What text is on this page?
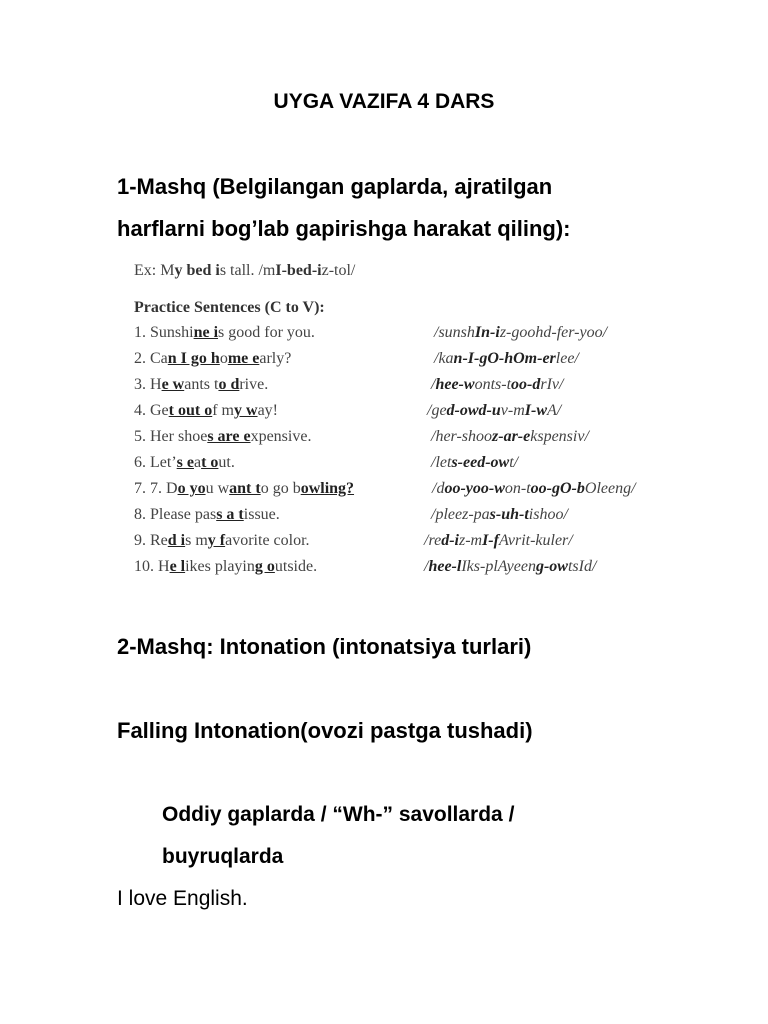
UYGA VAZIFA 4 DARS
1-Mashq (Belgilangan gaplarda, ajratilgan
harflarni bog’lab gapirishga harakat qiling):
Ex: My bed is tall. /mI-bed-iz-tol/
Practice Sentences (C to V):
1. Sunshine is good for you.	/sunshIn-iz-goohd-fer-yoo/
2. Can I go home early?	/kan-I-gO-hOm-erlee/
3. He wants to drive.	/hee-wonts-too-drIv/
4. Get out of my way!	/ged-owd-uv-mI-wA/
5. Her shoes are expensive.	/her-shooz-ar-ekspensiv/
6. Let’s eat out.	/lets-eed-owt/
7. 7. Do you want to go bowling?	/doo-yoo-won-too-gO-bOleeng/
8. Please pass a tissue.	/pleez-pas-uh-tishoo/
9. Red is my favorite color.	/red-iz-mI-fAvrit-kuler/
10. He likes playing outside.	/hee-lIks-plAyeeng-owtsId/
2-Mashq: Intonation (intonatsiya turlari)
Falling Intonation(ovozi pastga tushadi)
Oddiy gaplarda / “Wh-” savollarda /
buyruqlarda
I love English.
